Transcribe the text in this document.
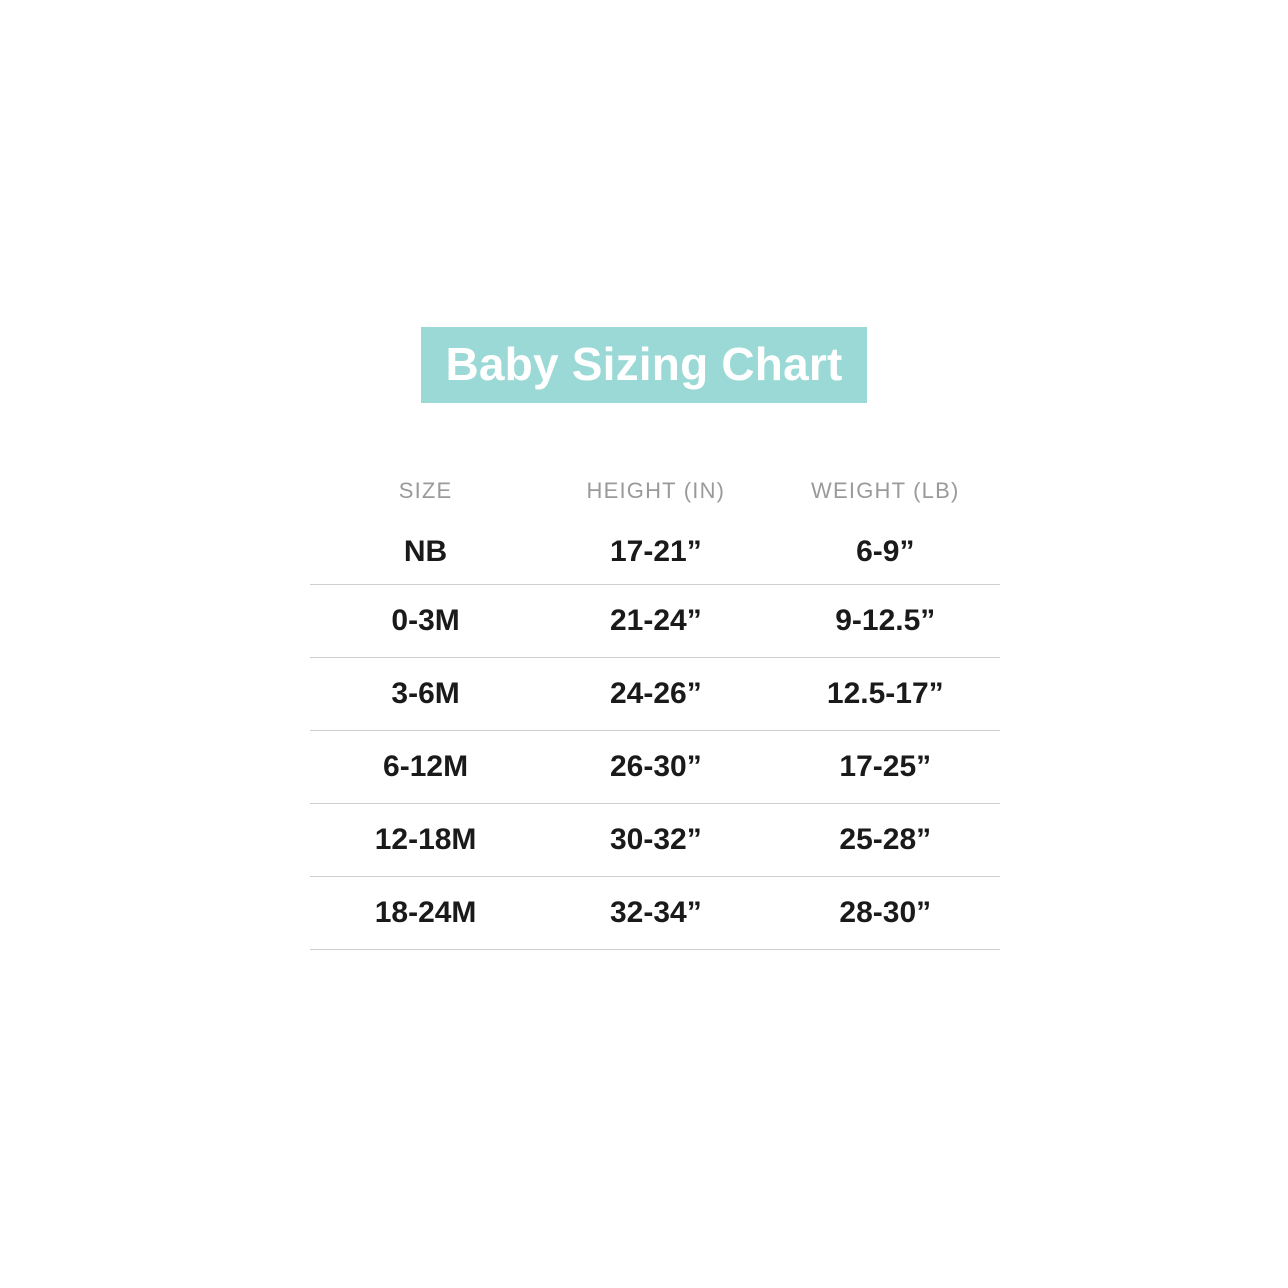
Baby Sizing Chart
SIZE	HEIGHT (IN)	WEIGHT (LB)
NB	17-21”	6-9”
0-3M	21-24”	9-12.5”
3-6M	24-26”	12.5-17”
6-12M	26-30”	17-25”
12-18M	30-32”	25-28”
18-24M	32-34”	28-30”
